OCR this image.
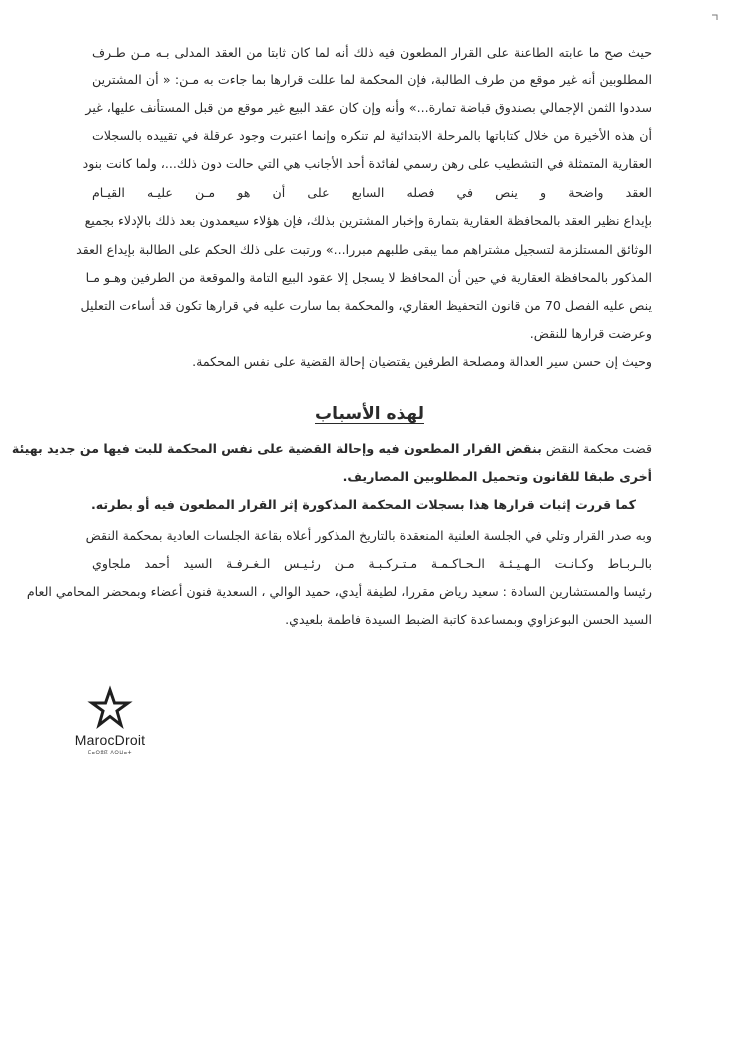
حيث صح ما عابته الطاعنة على القرار المطعون فيه ذلك أنه لما كان ثابتا من العقد المدلى بـه مـن طـرف
المطلوبين أنه غير موقع من طرف الطالبة، فإن المحكمة لما عللت قرارها بما جاءت به مـن: « أن المشترين
سددوا الثمن الإجمالي بصندوق قباضة تمارة...» وأنه وإن كان عقد البيع غير موقع من قبل المستأنف عليها، غير
أن هذه الأخيرة من خلال كتاباتها بالمرحلة الابتدائية لم تنكره وإنما اعتبرت وجود عرقلة في تقييده بالسجلات
العقارية المتمثلة في التشطيب على رهن رسمي لفائدة أحد الأجانب هي التي حالت دون ذلك...، ولما كانت بنود
العقد واضحة و ينص في فصله السابع على أن هو مـن عليـه القيـام
بإيداع نظير العقد بالمحافظة العقارية بتمارة وإخبار المشترين بذلك، فإن هؤلاء سيعمدون بعد ذلك بالإدلاء بجميع
الوثائق المستلزمة لتسجيل مشتراهم مما يبقى طلبهم مبررا...» ورتبت على ذلك الحكم على الطالبة بإيداع العقد
المذكور بالمحافظة العقارية في حين أن المحافظ لا يسجل إلا عقود البيع التامة والموقعة من الطرفين وهـو مـا
ينص عليه الفصل 70 من قانون التحفيظ العقاري، والمحكمة بما سارت عليه في قرارها تكون قد أساءت التعليل
وعرضت قرارها للنقض.
وحيث إن حسن سير العدالة ومصلحة الطرفين يقتضيان إحالة القضية على نفس المحكمة.
لهذه الأسباب
قضت محكمة النقض بنقض القرار المطعون فيه وإحالة القضية على نفس المحكمة للبت فيها من جديد بهيئة
أخرى طبقا للقانون وتحميل المطلوبين المصاريف.
كما قررت إثبات قرارها هذا بسجلات المحكمة المذكورة إثر القرار المطعون فيه أو بطرته.
وبه صدر القرار وتلي في الجلسة العلنية المنعقدة بالتاريخ المذكور أعلاه بقاعة الجلسات العادية بمحكمة النقض
بالـربـاط وكـانـت الـهـيـئـة الـحـاكـمـة مـتـركـبـة مـن رئـيـس الـغـرفـة السيد أحمد ملجاوي
رئيسا والمستشارين السادة : سعيد رياض مقررا، لطيفة أيدي، حميد الوالي ، السعدية فنون أعضاء وبمحضر المحامي العام
السيد الحسن البوعزاوي وبمساعدة كاتبة الضبط السيدة فاطمة بلعيدي.
MarocDroit
ⵎⴰⵔⵓⴽ ⴷⵔⵡⴰⵜ
